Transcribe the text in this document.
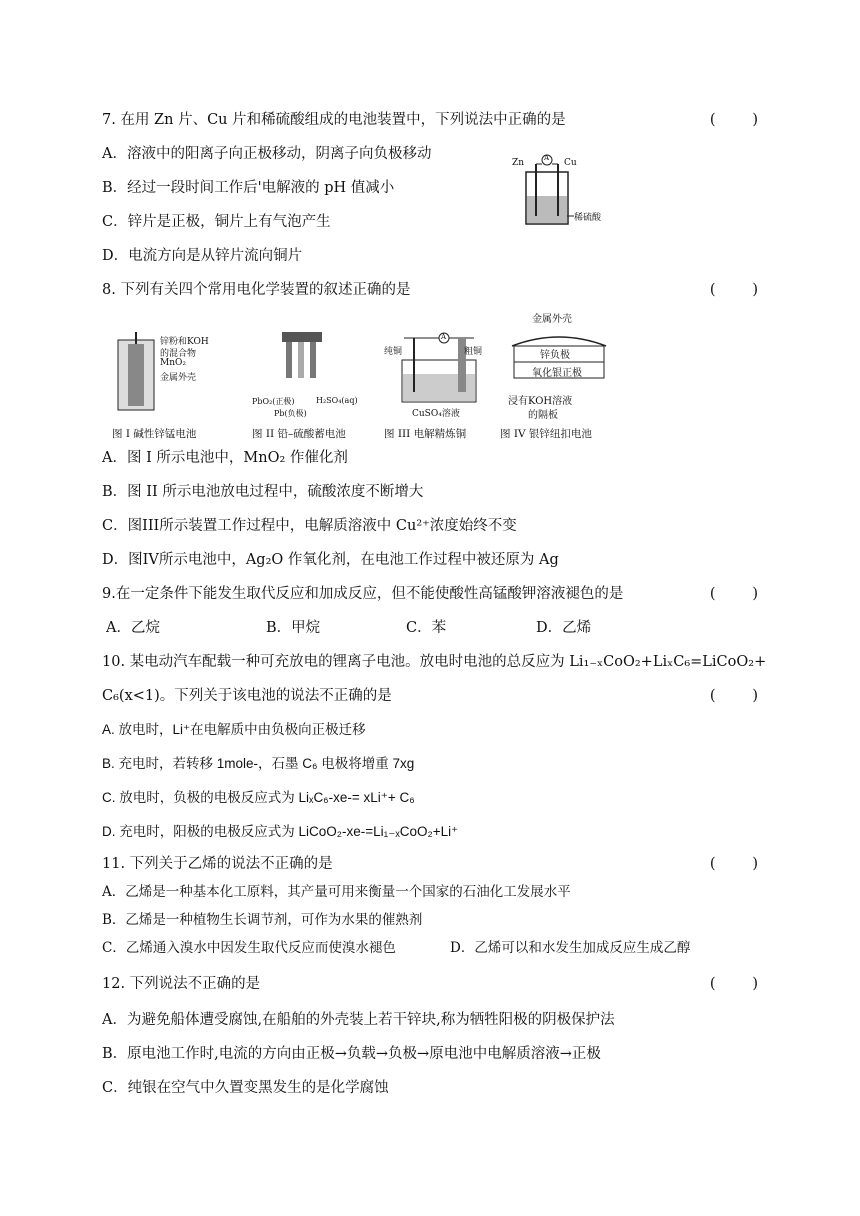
7. 在用 Zn 片、Cu 片和稀硫酸组成的电池装置中，下列说法中正确的是	(        )
A．溶液中的阳离子向正极移动，阴离子向负极移动
B．经过一段时间工作后'电解液的 pH 值减小
C．锌片是正极，铜片上有气泡产生
D．电流方向是从锌片流向铜片
Zn	Cu
A
稀硫酸
8. 下列有关四个常用电化学装置的叙述正确的是	(        )
锌粉和KOH
的混合物
MnO₂
金属外壳
图 I 碱性锌锰电池
PbO₂(正极)
Pb(负极)
H₂SO₄(aq)
图 II 铅–硫酸蓄电池
纯铜	粗铜
A
CuSO₄溶液
图 III 电解精炼铜
金属外壳
锌负极
氧化银正极
浸有KOH溶液
的隔板
图 IV 银锌纽扣电池
A．图 I 所示电池中，MnO₂ 作催化剂
B．图 II 所示电池放电过程中，硫酸浓度不断增大
C．图III所示装置工作过程中，电解质溶液中 Cu²⁺浓度始终不变
D．图IV所示电池中，Ag₂O 作氧化剂，在电池工作过程中被还原为 Ag
9.在一定条件下能发生取代反应和加成反应，但不能使酸性高锰酸钾溶液褪色的是	(        )
A．乙烷	B．甲烷	C．苯	D．乙烯
10. 某电动汽车配载一种可充放电的锂离子电池。放电时电池的总反应为 Li₁₋ₓCoO₂+LiₓC₆=LiCoO₂+
C₆(x<1)。下列关于该电池的说法不正确的是	(        )
A. 放电时，Li⁺在电解质中由负极向正极迁移
B. 充电时，若转移 1mole-，石墨 C₆ 电极将增重 7xg
C. 放电时，负极的电极反应式为 LiₓC₆-xe-= xLi⁺+ C₆
D. 充电时，阳极的电极反应式为 LiCoO₂-xe-=Li₁₋ₓCoO₂+Li⁺
11. 下列关于乙烯的说法不正确的是	(        )
A．乙烯是一种基本化工原料，其产量可用来衡量一个国家的石油化工发展水平
B．乙烯是一种植物生长调节剂，可作为水果的催熟剂
C．乙烯通入溴水中因发生取代反应而使溴水褪色	D．乙烯可以和水发生加成反应生成乙醇
12. 下列说法不正确的是	(        )
A．为避免船体遭受腐蚀,在船舶的外壳装上若干锌块,称为牺牲阳极的阴极保护法
B．原电池工作时,电流的方向由正极→负载→负极→原电池中电解质溶液→正极
C．纯银在空气中久置变黑发生的是化学腐蚀
